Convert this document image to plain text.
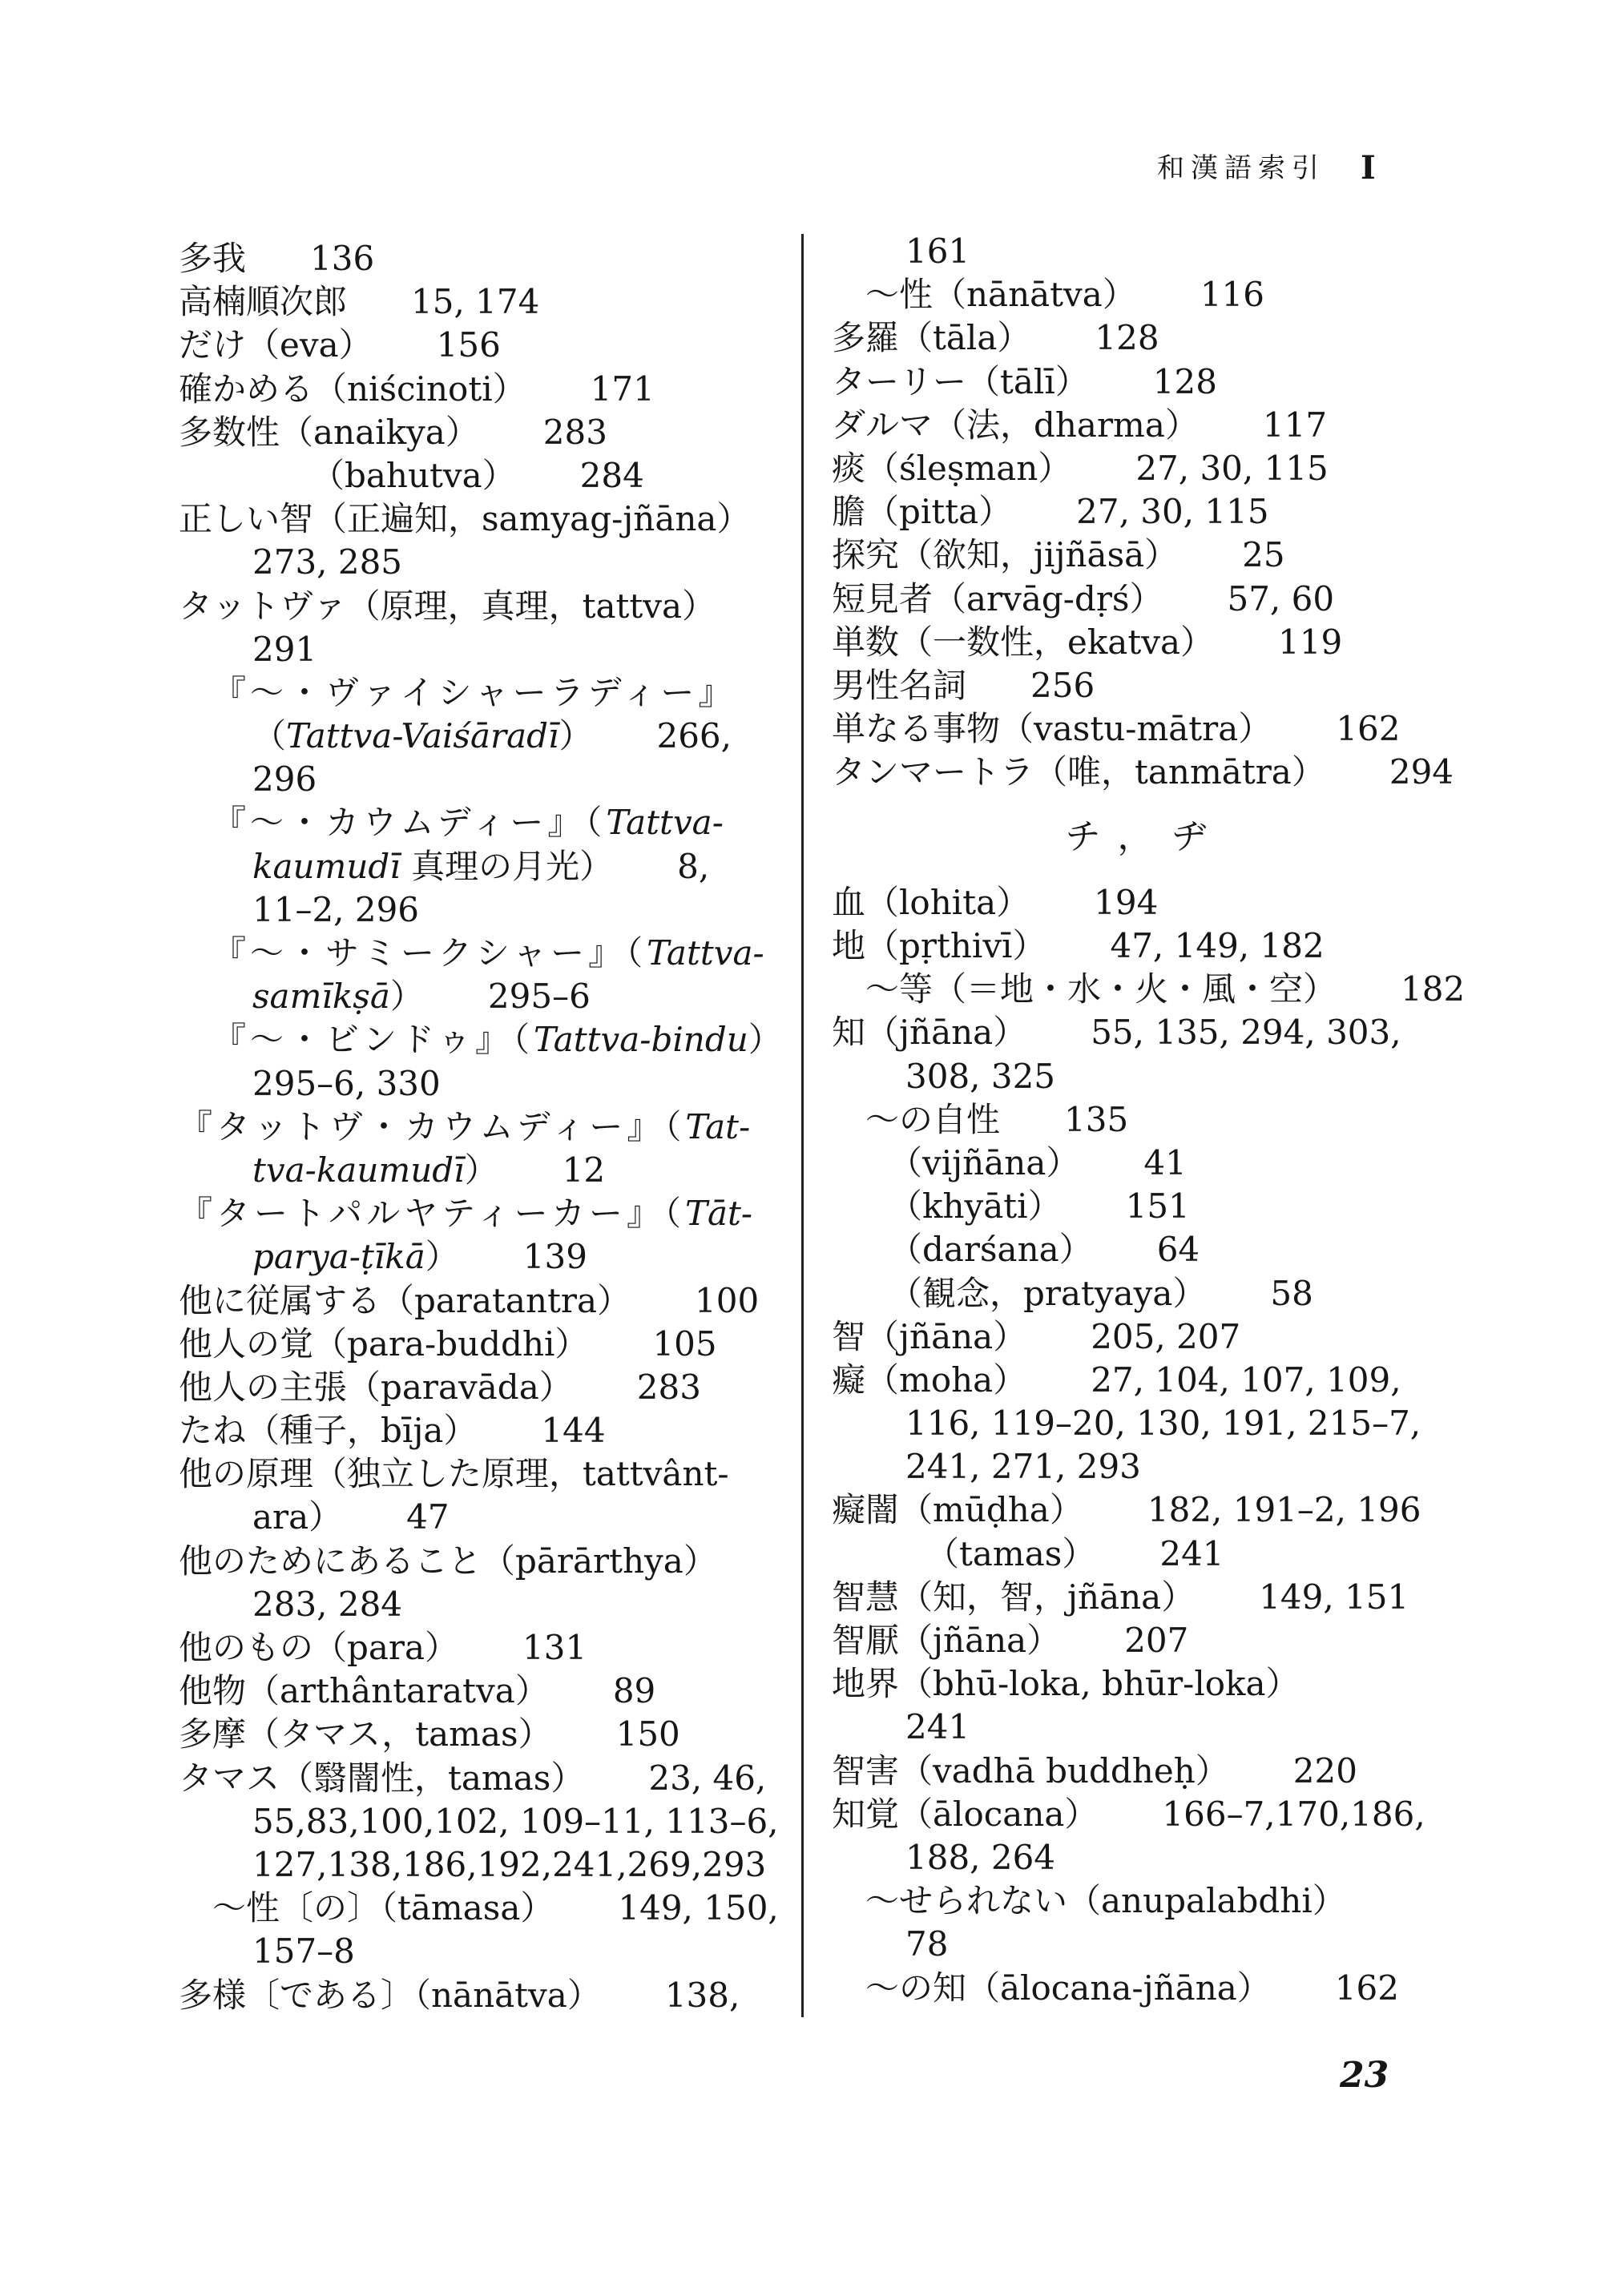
和漢語索引 I
多我 136
高楠順次郎 15, 174
だけ（eva） 156
確かめる（niścinoti） 171
多数性（anaikya） 283
（bahutva） 284
正しい智（正遍知，samyag-jñāna）
273, 285
タットヴァ（原理，真理，tattva）
291
『〜・ヴァイシャーラディー』
（Tattva-Vaiśāradī） 266,
296
『〜・カウムディー』（Tattva-
kaumudī 真理の月光） 8,
11–2, 296
『〜・サミークシャー』（Tattva-
samīkṣā） 295–6
『〜・ビンドゥ』（Tattva-bindu）
295–6, 330
『タットヴ・カウムディー』（Tat-
tva-kaumudī） 12
『タートパルヤティーカー』（Tāt-
parya-ṭīkā） 139
他に従属する（paratantra） 100
他人の覚（para-buddhi） 105
他人の主張（paravāda） 283
たね（種子，bīja） 144
他の原理（独立した原理，tattvânt-
ara） 47
他のためにあること（pārārthya）
283, 284
他のもの（para） 131
他物（arthântaratva） 89
多摩（タマス，tamas） 150
タマス（翳闇性，tamas） 23, 46,
55,83,100,102, 109–11, 113–6,
127,138,186,192,241,269,293
〜性〔の〕（tāmasa） 149, 150,
157–8
多様〔である〕（nānātva） 138,
161
〜性（nānātva） 116
多羅（tāla） 128
ターリー（tālī） 128
ダルマ（法，dharma） 117
痰（śleṣman） 27, 30, 115
膽（pitta） 27, 30, 115
探究（欲知，jijñāsā） 25
短見者（arvāg-dṛś） 57, 60
単数（一数性，ekatva） 119
男性名詞 256
単なる事物（vastu-mātra） 162
タンマートラ（唯，tanmātra） 294
チ，ヂ
血（lohita） 194
地（pṛthivī） 47, 149, 182
〜等（＝地・水・火・風・空） 182
知（jñāna） 55, 135, 294, 303,
308, 325
〜の自性 135
（vijñāna） 41
（khyāti） 151
（darśana） 64
（観念，pratyaya） 58
智（jñāna） 205, 207
癡（moha） 27, 104, 107, 109,
116, 119–20, 130, 191, 215–7,
241, 271, 293
癡闇（mūḍha） 182, 191–2, 196
（tamas） 241
智慧（知，智，jñāna） 149, 151
智厭（jñāna） 207
地界（bhū-loka, bhūr-loka）
241
智害（vadhā buddheḥ） 220
知覚（ālocana） 166–7,170,186,
188, 264
〜せられない（anupalabdhi）
78
〜の知（ālocana-jñāna） 162
23
